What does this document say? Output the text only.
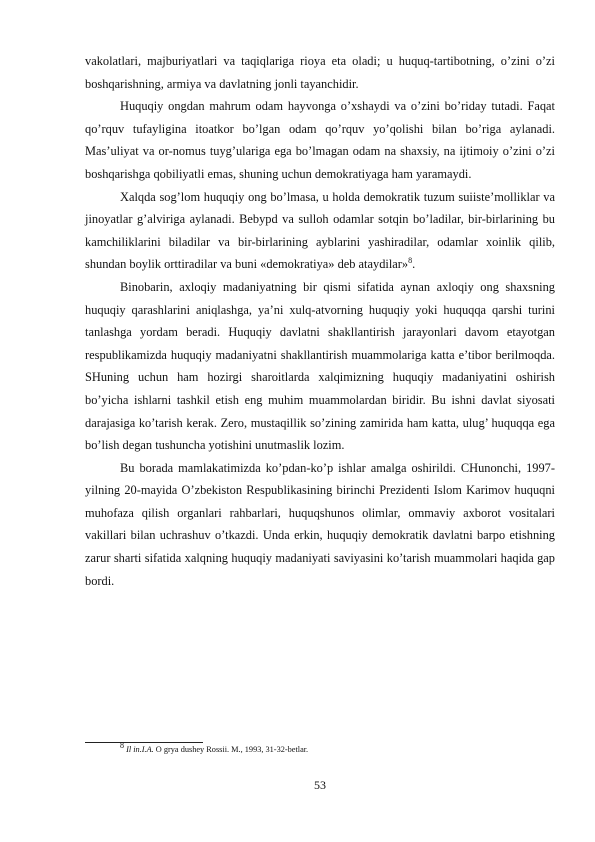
vakolatlari, majburiyatlari va taqiqlariga rioya eta oladi; u huquq-tartibotning, o’zini o’zi boshqarishning, armiya va davlatning jonli tayanchidir.

Huquqiy ongdan mahrum odam hayvonga o’xshaydi va o’zini bo’riday tutadi. Faqat qo’rquv tufayligina itoatkor bo’lgan odam qo’rquv yo’qolishi bilan bo’riga aylanadi. Mas’uliyat va or-nomus tuyg’ulariga ega bo’lmagan odam na shaxsiy, na ijtimoiy o’zini o’zi boshqarishga qobiliyatli emas, shuning uchun demokratiyaga ham yaramaydi.

Xalqda sog’lom huquqiy ong bo’lmasa, u holda demokratik tuzum suiiste’molliklar va jinoyatlar g’alviriga aylanadi. Bebурd va sulloh odamlar sotqin bo’ladilar, bir-birlarining bu kamchiliklarini biladilar va bir-birlarining ayblarini yashiradilar, odamlar xoinlik qilib, shundan boylik orttiradilar va buni «demokratiya» deb ataydilar»$^8$.

Binobarin, axloqiy madaniyatning bir qismi sifatida aynan axloqiy ong shaxsning huquqiy qarashlarini aniqlashga, ya’ni xulq-atvorning huquqiy yoki huquqqa qarshi turini tanlashga yordam beradi. Huquqiy davlatni shakllantirish jarayonlari davom etayotgan respublikamizda huquqiy madaniyatni shakllantirish muammolariga katta e’tibor berilmoqda. SHuning uchun ham hozirgi sharoitlarda xalqimizning huquqiy madaniyatini oshirish bo’yicha ishlarni tashkil etish eng muhim muammolardan biridir. Bu ishni davlat siyosati darajasiga ko’tarish kerak. Zero, mustaqillik so’zining zamirida ham katta, ulug’ huquqqa ega bo’lish degan tushuncha yotishini unutmaslik lozim.

Bu borada mamlakatimizda ko’pdan-ko’p ishlar amalga oshirildi. CHunonchi, 1997-yilning 20-mayida O’zbekiston Respublikasining birinchi Prezidenti Islom Karimov huquqni muhofaza qilish organlari rahbarlari, huquqshunos olimlar, ommaviy axborot vositalari vakillari bilan uchrashuv o’tkazdi. Unda erkin, huquqiy demokratik davlatni barpo etishning zarur sharti sifatida xalqning huquqiy madaniyati saviyasini ko’tarish muammolari haqida gap bordi.

$^8$ Il in.I.A. O grya dushey Rossii. M., 1993, 31-32-betlar.
53
